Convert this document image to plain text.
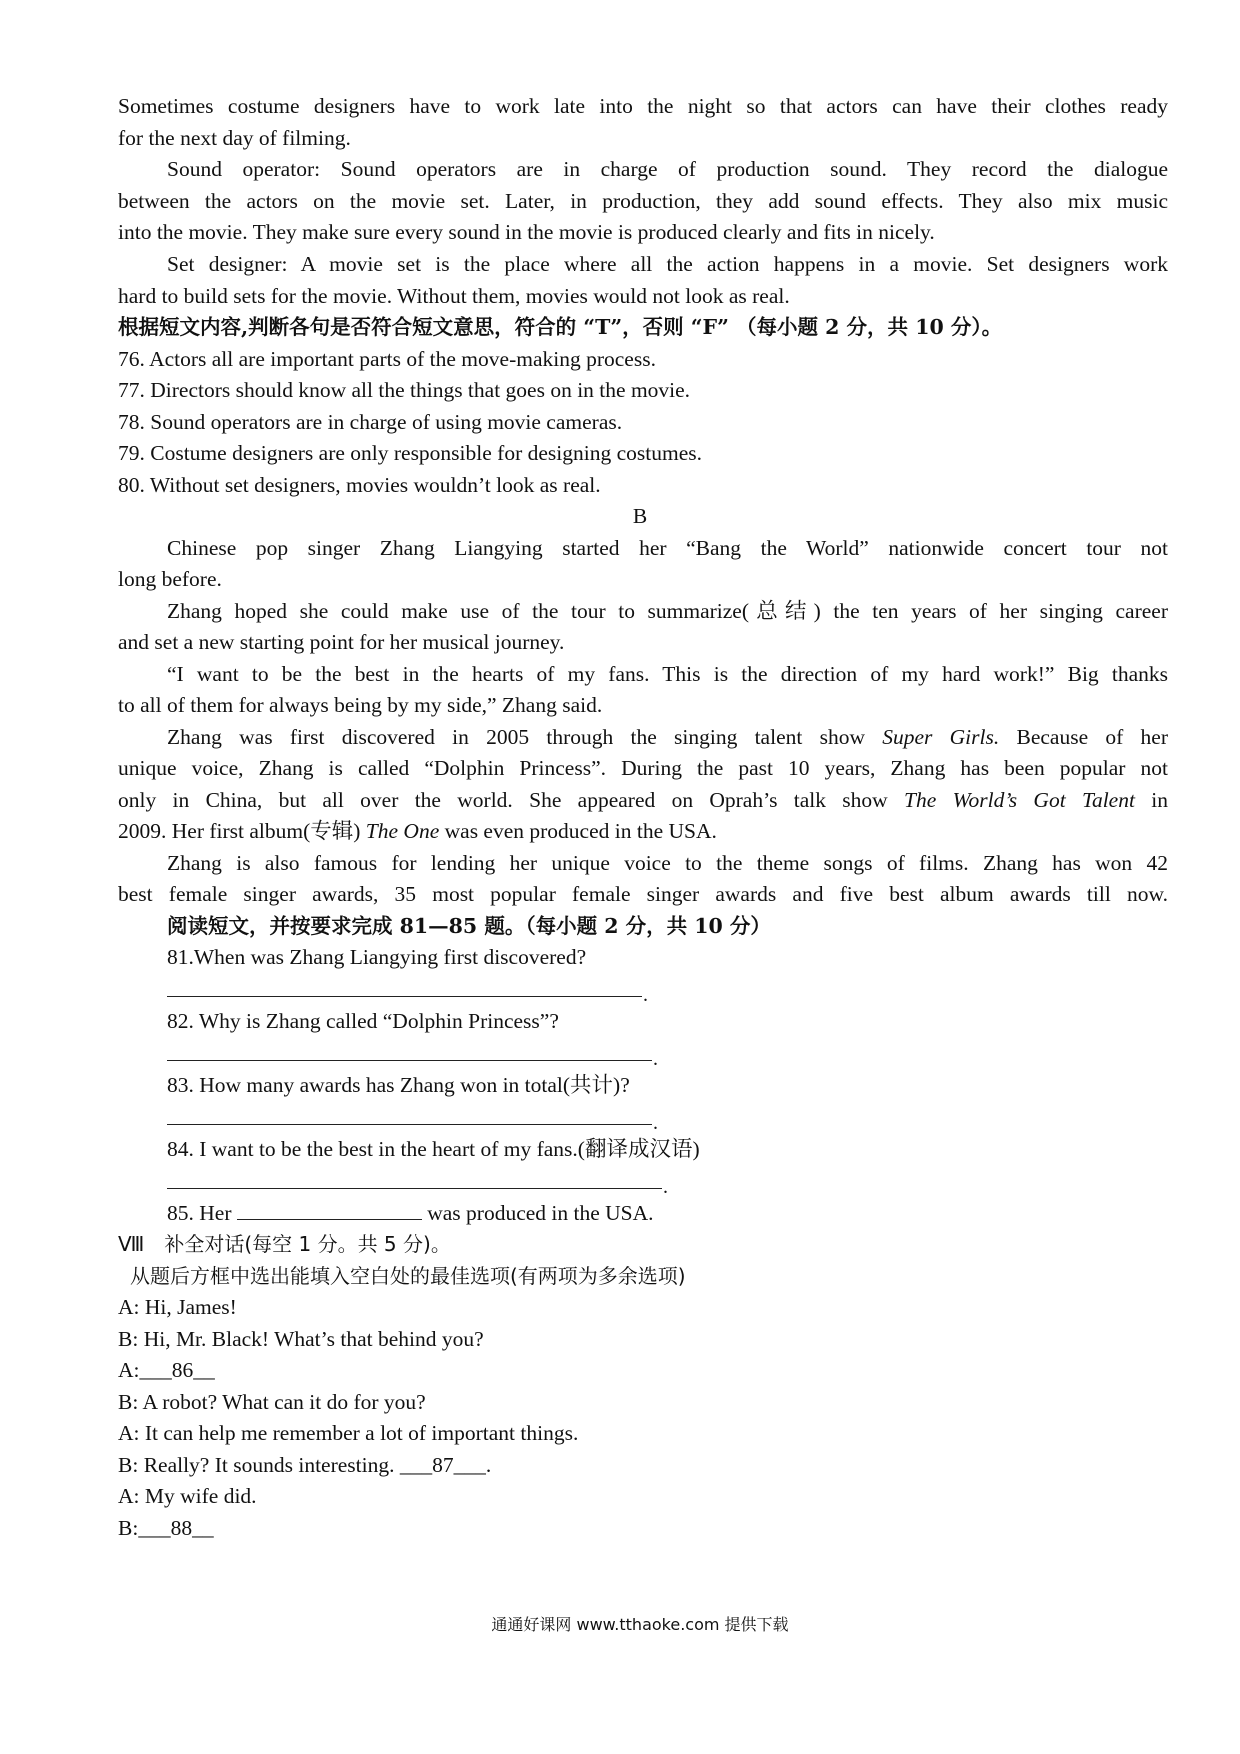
Sometimes costume designers have to work late into the night so that actors can have their clothes ready
for the next day of filming.
Sound operator: Sound operators are in charge of production sound. They record the dialogue
between the actors on the movie set. Later, in production, they add sound effects. They also mix music
into the movie. They make sure every sound in the movie is produced clearly and fits in nicely.
Set designer: A movie set is the place where all the action happens in a movie. Set designers work
hard to build sets for the movie. Without them, movies would not look as real.
根据短文内容,判断各句是否符合短文意思，符合的 “T”，否则 “F” （每小题 2 分，共 10 分）。
76. Actors all are important parts of the move-making process.
77. Directors should know all the things that goes on in the movie.
78. Sound operators are in charge of using movie cameras.
79. Costume designers are only responsible for designing costumes.
80. Without set designers, movies wouldn’t look as real.
B
Chinese pop singer Zhang Liangying started her “Bang the World” nationwide concert tour not
long before.
Zhang hoped she could make use of the tour to summarize(总结) the ten years of her singing career
and set a new starting point for her musical journey.
“I want to be the best in the hearts of my fans. This is the direction of my hard work!” Big thanks
to all of them for always being by my side,” Zhang said.
Zhang was first discovered in 2005 through the singing talent show Super Girls. Because of her
unique voice, Zhang is called “Dolphin Princess”. During the past 10 years, Zhang has been popular not
only in China, but all over the world. She appeared on Oprah’s talk show The World’s Got Talent in
2009. Her first album(专辑) The One was even produced in the USA.
Zhang is also famous for lending her unique voice to the theme songs of films. Zhang has won 42
best female singer awards, 35 most popular female singer awards and five best album awards till now.
阅读短文，并按要求完成 81—85 题。（每小题 2 分，共 10 分）
81.When was Zhang Liangying first discovered?
.
82. Why is Zhang called “Dolphin Princess”?
.
83. How many awards has Zhang won in total(共计)?
.
84. I want to be the best in the heart of my fans.(翻译成汉语)
.
85. Her	was produced in the USA.
Ⅷ　补全对话(每空 1 分。共 5 分)。
从题后方框中选出能填入空白处的最佳选项(有两项为多余选项)
A: Hi, James!
B: Hi, Mr. Black! What’s that behind you?
A:___86__
B: A robot? What can it do for you?
A: It can help me remember a lot of important things.
B: Really? It sounds interesting. ___87___.
A: My wife did.
B:___88__
通通好课网 www.tthaoke.com 提供下载
